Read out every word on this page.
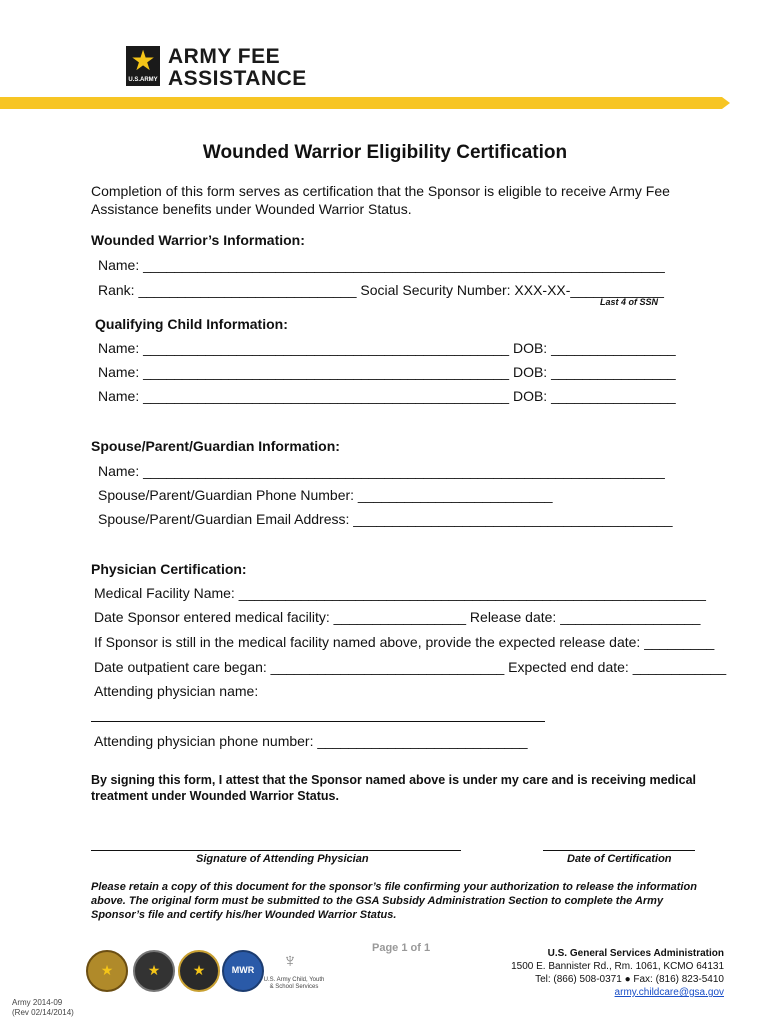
★
U.S.ARMY
ARMY FEE
ASSISTANCE
Wounded Warrior Eligibility Certification
Completion of this form serves as certification that the Sponsor is eligible to receive Army Fee Assistance benefits under Wounded Warrior Status.
Wounded Warrior’s Information:
Name: ___________________________________________________________________
Rank: ____________________________ Social Security Number: XXX-XX-____________
Last 4 of SSN
Qualifying Child Information:
Name: _______________________________________________ DOB: ________________
Name: _______________________________________________ DOB: ________________
Name: _______________________________________________ DOB: ________________
Spouse/Parent/Guardian Information:
Name: ___________________________________________________________________
Spouse/Parent/Guardian Phone Number: _________________________
Spouse/Parent/Guardian Email Address: _________________________________________
Physician Certification:
Medical Facility Name: ____________________________________________________________
Date Sponsor entered medical facility: _________________ Release date: __________________
If Sponsor is still in the medical facility named above, provide the expected release date: _________
Date outpatient care began: ______________________________ Expected end date: ____________
Attending physician name:
Attending physician phone number: ___________________________
By signing this form, I attest that the Sponsor named above is under my care and is receiving medical treatment under Wounded Warrior Status.
Signature of Attending Physician	Date of Certification
Please retain a copy of this document for the sponsor’s file confirming your authorization to release the information above. The original form must be submitted to the GSA Subsidy Administration Section to complete the Army Sponsor’s file and certify his/her Wounded Warrior Status.
Page 1 of 1
★	★	★	MWR	♆
U.S. Army Child, Youth & School Services
U.S. General Services Administration
1500 E. Bannister Rd., Rm. 1061, KCMO 64131
Tel: (866) 508-0371 ● Fax: (816) 823-5410
army.childcare@gsa.gov
Army 2014-09
(Rev 02/14/2014)
